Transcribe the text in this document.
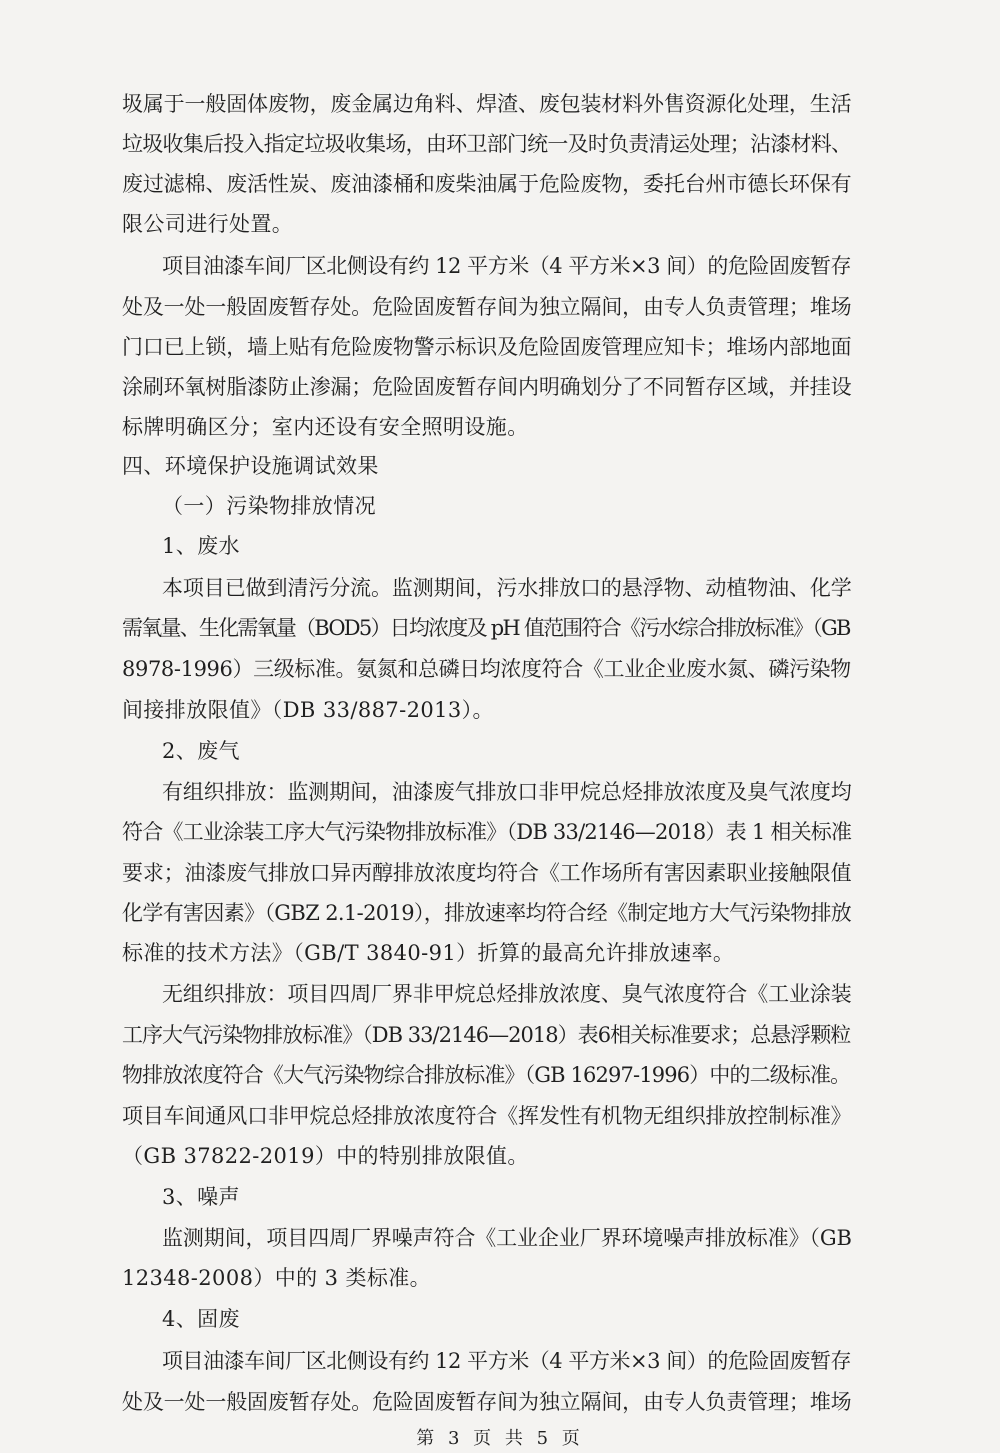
圾属于一般固体废物，废金属边角料、焊渣、废包装材料外售资源化处理，生活
垃圾收集后投入指定垃圾收集场，由环卫部门统一及时负责清运处理；沾漆材料、
废过滤棉、废活性炭、废油漆桶和废柴油属于危险废物，委托台州市德长环保有
限公司进行处置。
项目油漆车间厂区北侧设有约 12 平方米（4 平方米×3 间）的危险固废暂存
处及一处一般固废暂存处。危险固废暂存间为独立隔间，由专人负责管理；堆场
门口已上锁，墙上贴有危险废物警示标识及危险固废管理应知卡；堆场内部地面
涂刷环氧树脂漆防止渗漏；危险固废暂存间内明确划分了不同暂存区域，并挂设
标牌明确区分；室内还设有安全照明设施。
四、环境保护设施调试效果
（一）污染物排放情况
1、废水
本项目已做到清污分流。监测期间，污水排放口的悬浮物、动植物油、化学
需氧量、生化需氧量（BOD5）日均浓度及 pH 值范围符合《污水综合排放标准》（GB
8978-1996）三级标准。氨氮和总磷日均浓度符合《工业企业废水氮、磷污染物
间接排放限值》（DB 33/887-2013）。
2、废气
有组织排放：监测期间，油漆废气排放口非甲烷总烃排放浓度及臭气浓度均
符合《工业涂装工序大气污染物排放标准》（DB 33/2146—2018）表 1 相关标准
要求；油漆废气排放口异丙醇排放浓度均符合《工作场所有害因素职业接触限值
化学有害因素》（GBZ 2.1-2019），排放速率均符合经《制定地方大气污染物排放
标准的技术方法》（GB/T 3840-91）折算的最高允许排放速率。
无组织排放：项目四周厂界非甲烷总烃排放浓度、臭气浓度符合《工业涂装
工序大气污染物排放标准》（DB 33/2146—2018）表6相关标准要求；总悬浮颗粒
物排放浓度符合《大气污染物综合排放标准》（GB 16297-1996）中的二级标准。
项目车间通风口非甲烷总烃排放浓度符合《挥发性有机物无组织排放控制标准》
（GB 37822-2019）中的特别排放限值。
3、噪声
监测期间，项目四周厂界噪声符合《工业企业厂界环境噪声排放标准》（GB
12348-2008）中的 3 类标准。
4、固废
项目油漆车间厂区北侧设有约 12 平方米（4 平方米×3 间）的危险固废暂存
处及一处一般固废暂存处。危险固废暂存间为独立隔间，由专人负责管理；堆场
第 3 页 共 5 页
